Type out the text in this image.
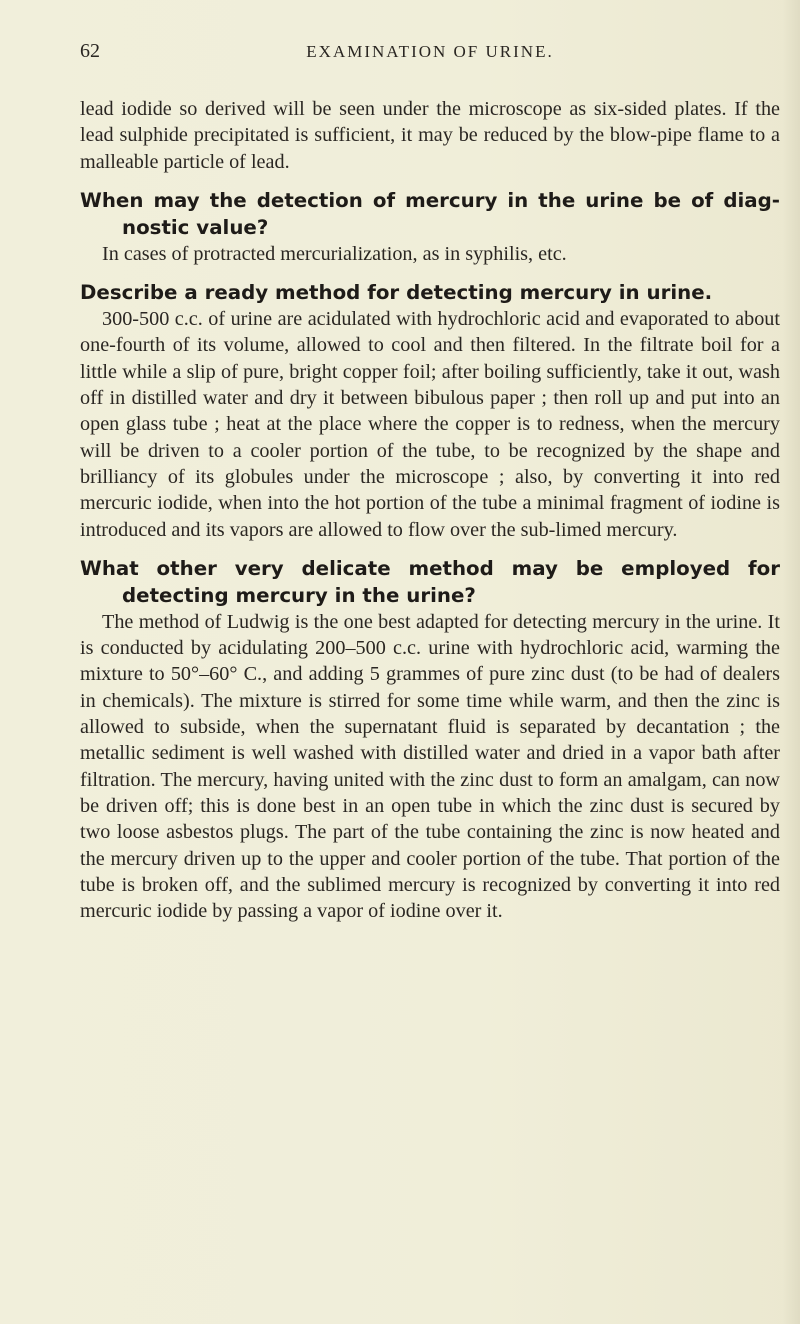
62	EXAMINATION OF URINE.

lead iodide so derived will be seen under the microscope as six-sided plates. If the lead sulphide precipitated is sufficient, it may be reduced by the blow-pipe flame to a malleable particle of lead.

When may the detection of mercury in the urine be of diag-nostic value?

In cases of protracted mercurialization, as in syphilis, etc.

Describe a ready method for detecting mercury in urine.

300-500 c.c. of urine are acidulated with hydrochloric acid and evaporated to about one-fourth of its volume, allowed to cool and then filtered. In the filtrate boil for a little while a slip of pure, bright copper foil; after boiling sufficiently, take it out, wash off in distilled water and dry it between bibulous paper ; then roll up and put into an open glass tube ; heat at the place where the copper is to redness, when the mercury will be driven to a cooler portion of the tube, to be recognized by the shape and brilliancy of its globules under the microscope ; also, by converting it into red mercuric iodide, when into the hot portion of the tube a minimal fragment of iodine is introduced and its vapors are allowed to flow over the sub-limed mercury.

What other very delicate method may be employed for detecting mercury in the urine?

The method of Ludwig is the one best adapted for detecting mercury in the urine. It is conducted by acidulating 200–500 c.c. urine with hydrochloric acid, warming the mixture to 50°–60° C., and adding 5 grammes of pure zinc dust (to be had of dealers in chemicals). The mixture is stirred for some time while warm, and then the zinc is allowed to subside, when the supernatant fluid is separated by decantation ; the metallic sediment is well washed with distilled water and dried in a vapor bath after filtration. The mercury, having united with the zinc dust to form an amalgam, can now be driven off; this is done best in an open tube in which the zinc dust is secured by two loose asbestos plugs. The part of the tube containing the zinc is now heated and the mercury driven up to the upper and cooler portion of the tube. That portion of the tube is broken off, and the sublimed mercury is recognized by converting it into red mercuric iodide by passing a vapor of iodine over it.
